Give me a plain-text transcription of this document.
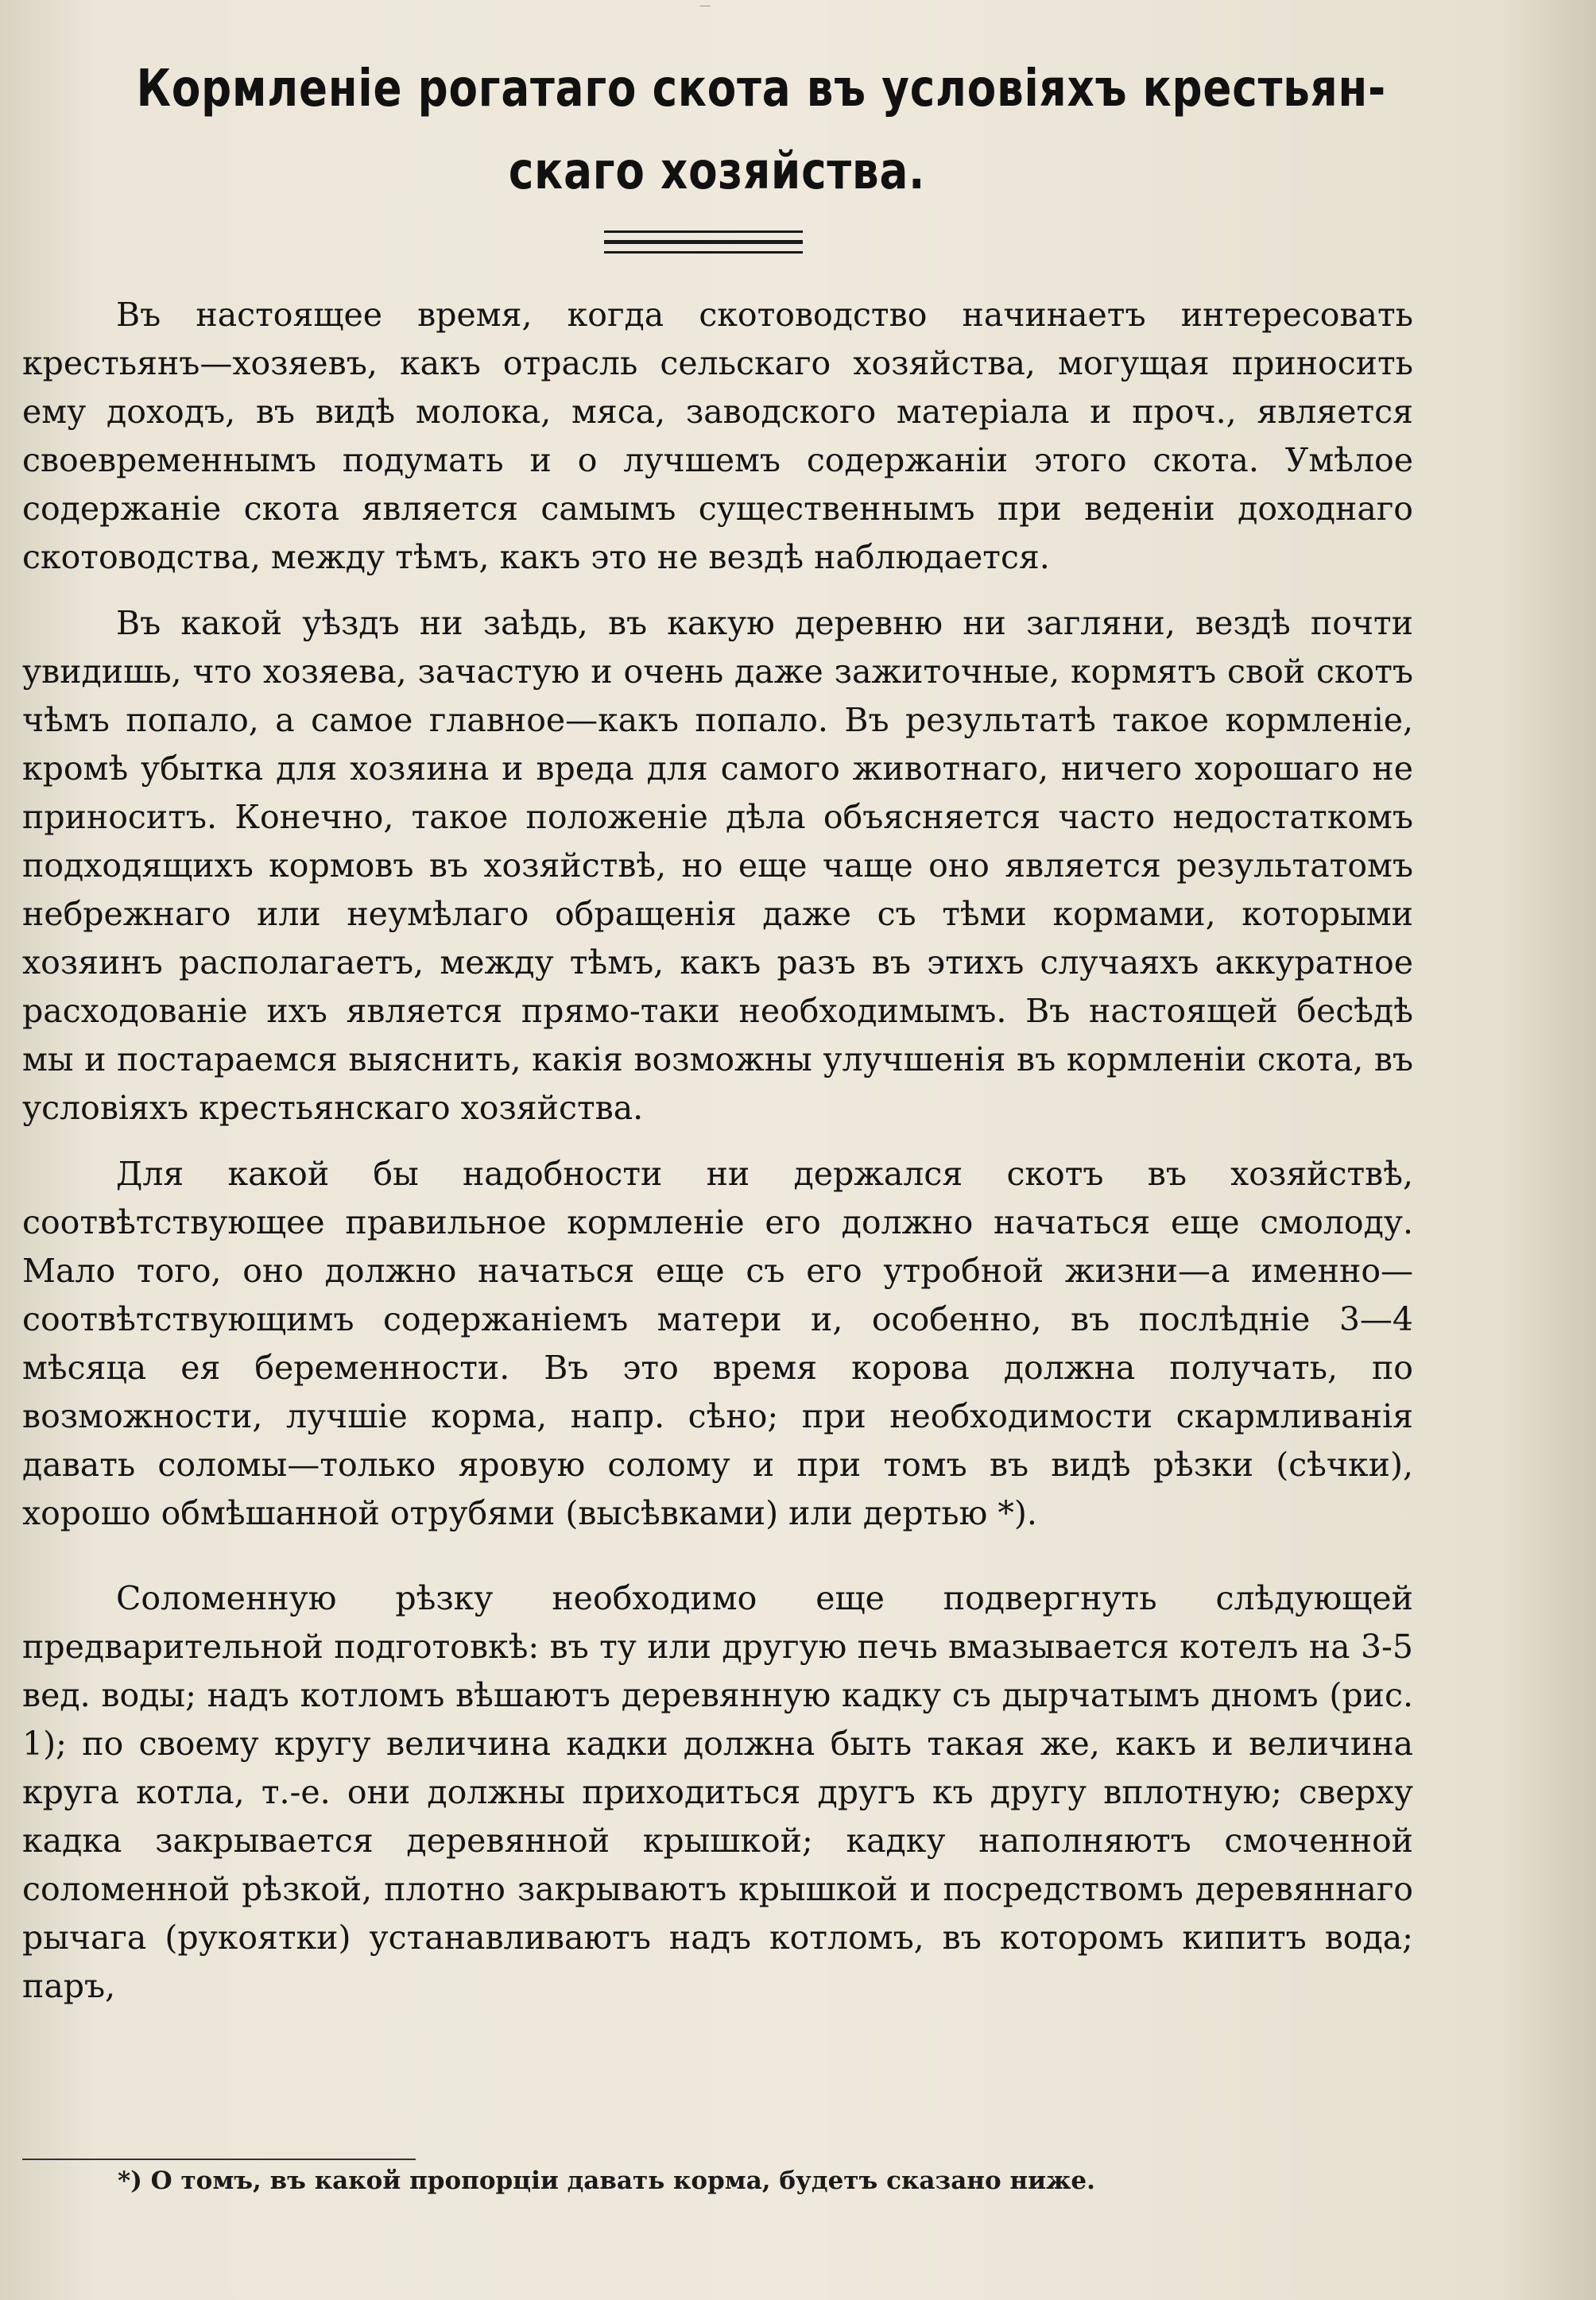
—
Кормленіе рогатаго скота въ условіяхъ крестьян-
скаго хозяйства.

Въ настоящее время, когда скотоводство начинаетъ интересовать крестьянъ—хозяевъ, какъ отрасль сельскаго хозяйства, могущая приносить ему доходъ, въ видѣ молока, мяса, заводского матеріала и проч., является своевременнымъ подумать и о лучшемъ содержаніи этого скота. Умѣлое содержаніе скота является самымъ существеннымъ при веденіи доходнаго скотоводства, между тѣмъ, какъ это не вездѣ наблюдается.

Въ какой уѣздъ ни заѣдь, въ какую деревню ни загляни, вездѣ почти увидишь, что хозяева, зачастую и очень даже зажиточные, кормятъ свой скотъ чѣмъ попало, а самое главное—какъ попало. Въ результатѣ такое кормленіе, кромѣ убытка для хозяина и вреда для самого животнаго, ничего хорошаго не приноситъ. Конечно, такое положеніе дѣла объясняется часто недостаткомъ подходящихъ кормовъ въ хозяйствѣ, но еще чаще оно является результатомъ небрежнаго или неумѣлаго обращенія даже съ тѣми кормами, которыми хозяинъ располагаетъ, между тѣмъ, какъ разъ въ этихъ случаяхъ аккуратное расходованіе ихъ является прямо-таки необходимымъ. Въ настоящей бесѣдѣ мы и постараемся выяснить, какія возможны улучшенія въ кормленіи скота, въ условіяхъ крестьянскаго хозяйства.

Для какой бы надобности ни держался скотъ въ хозяйствѣ, соотвѣтствующее правильное кормленіе его должно начаться еще смолоду. Мало того, оно должно начаться еще съ его утробной жизни—а именно—соотвѣтствующимъ содержаніемъ матери и, особенно, въ послѣдніе 3—4 мѣсяца ея беременности. Въ это время корова должна получать, по возможности, лучшіе корма, напр. сѣно; при необходимости скармливанія давать соломы—только яровую солому и при томъ въ видѣ рѣзки (сѣчки), хорошо обмѣшанной отрубями (высѣвками) или дертью *).

Соломенную рѣзку необходимо еще подвергнуть слѣдующей предварительной подготовкѣ: въ ту или другую печь вмазывается котелъ на 3-5 вед. воды; надъ котломъ вѣшаютъ деревянную кадку съ дырчатымъ дномъ (рис. 1); по своему кругу величина кадки должна быть такая же, какъ и величина круга котла, т.-е. они должны приходиться другъ къ другу вплотную; сверху кадка закрывается деревянной крышкой; кадку наполняютъ смоченной соломенной рѣзкой, плотно закрываютъ крышкой и посредствомъ деревяннаго рычага (рукоятки) устанавливаютъ надъ котломъ, въ которомъ кипитъ вода; паръ,

*) О томъ, въ какой пропорціи давать корма, будетъ сказано ниже.
